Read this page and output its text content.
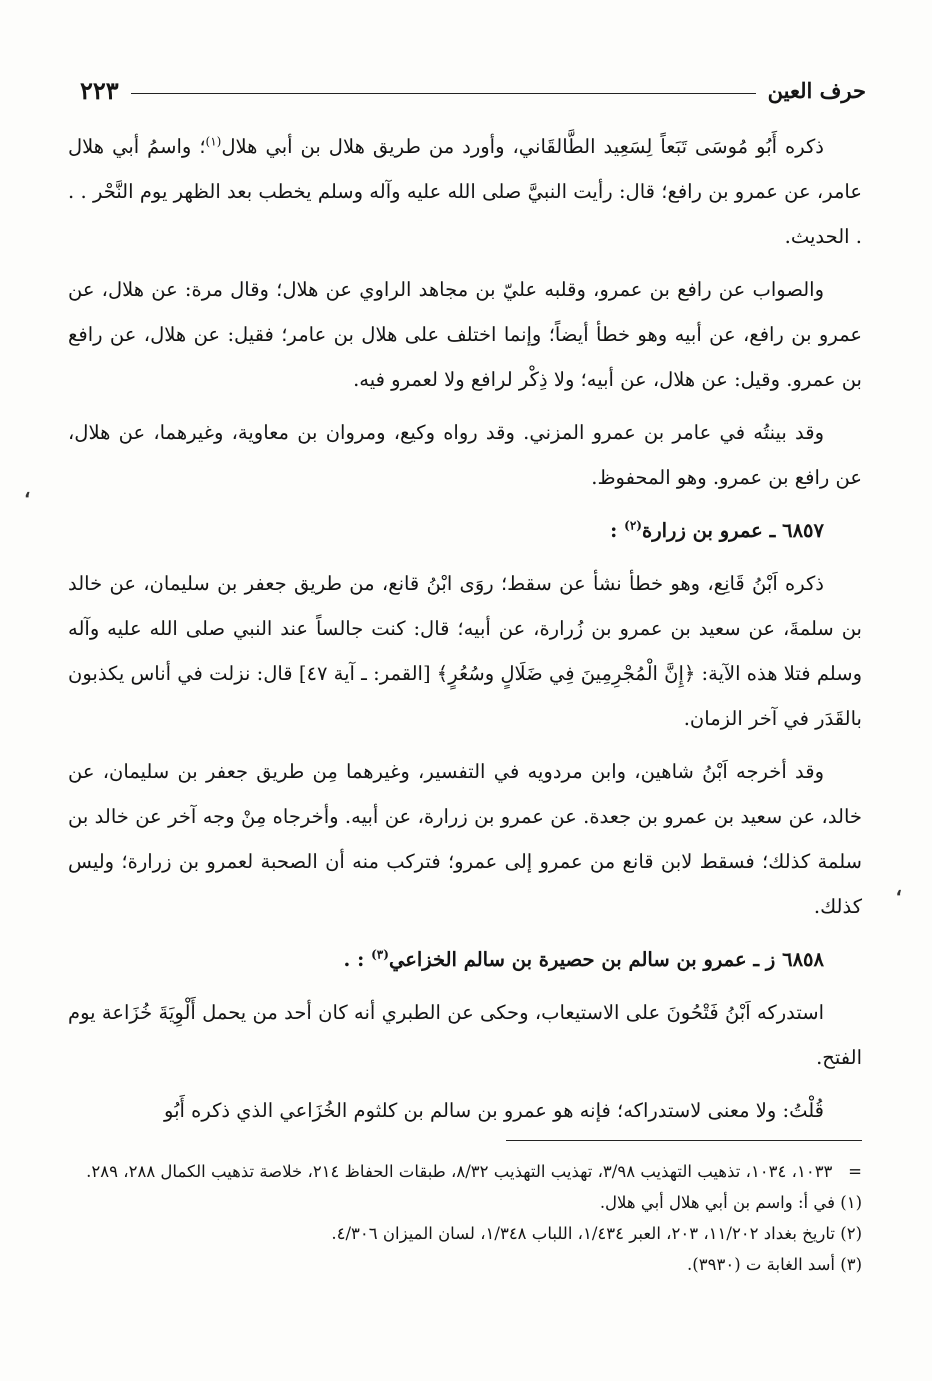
حرف العين
٢٢٣

ذكره أَبُو مُوسَى تَبَعاً لِسَعِيد الطَّالقَاني، وأورد من طريق هلال بن أبي هلال$^{(١)}$؛ واسمُ أبي هلال عامر، عن عمرو بن رافع؛ قال: رأيت النبيَّ صلى الله عليه وآله وسلم يخطب بعد الظهر يوم النَّحْر . . . الحديث.

والصواب عن رافع بن عمرو، وقلبه عليّ بن مجاهد الراوي عن هلال؛ وقال مرة: عن هلال، عن عمرو بن رافع، عن أبيه وهو خطأ أيضاً؛ وإنما اختلف على هلال بن عامر؛ فقيل: عن هلال، عن رافع بن عمرو. وقيل: عن هلال، عن أبيه؛ ولا ذِكْر لرافع ولا لعمرو فيه.

وقد بينتُه في عامر بن عمرو المزني. وقد رواه وكيع، ومروان بن معاوية، وغيرهما، عن هلال، عن رافع بن عمرو. وهو المحفوظ.

٦٨٥٧ ـ عمرو بن زرارة$^{(٢)}$ :

ذكره اَبْنُ قَانِع، وهو خطأ نشأ عن سقط؛ روَى ابْنُ قانع، من طريق جعفر بن سليمان، عن خالد بن سلمةَ، عن سعيد بن عمرو بن زُرارة، عن أبيه؛ قال: كنت جالساً عند النبي صلى الله عليه وآله وسلم فتلا هذه الآية: ﴿إِنَّ الْمُجْرِمِينَ فِي ضَلَالٍ وسُعُرٍ﴾ [القمر: ـ آية ٤٧] قال: نزلت في أناس يكذبون بالقَدَر في آخر الزمان.

وقد أخرجه اَبْنُ شاهين، وابن مردويه في التفسير، وغيرهما مِن طريق جعفر بن سليمان، عن خالد، عن سعيد بن عمرو بن جعدة. عن عمرو بن زرارة، عن أبيه. وأخرجاه مِنْ وجه آخر عن خالد بن سلمة كذلك؛ فسقط لابن قانع من عمرو إلى عمرو؛ فتركب منه أن الصحبة لعمرو بن زرارة؛ وليس كذلك.

٦٨٥٨ ز ـ عمرو بن سالم بن حصيرة بن سالم الخزاعي$^{(٣)}$ : .

استدركه اَبْنُ فَتْحُونَ على الاستيعاب، وحكى عن الطبري أنه كان أحد من يحمل أَلْوِيَةَ خُزَاعة يوم الفتح.

قُلْتُ: ولا معنى لاستدراكه؛ فإنه هو عمرو بن سالم بن كلثوم الخُزَاعي الذي ذكره أَبُو

=   ١٠٣٣، ١٠٣٤، تذهيب التهذيب ٣/٩٨، تهذيب التهذيب ٨/٣٢، طبقات الحفاظ ٢١٤، خلاصة تذهيب الكمال ٢٨٨، ٢٨٩.
(١) في أ: واسم بن أبي هلال أبي هلال.
(٢) تاريخ بغداد ١١/٢٠٢، ٢٠٣، العبر ١/٤٣٤، اللباب ١/٣٤٨، لسان الميزان ٤/٣٠٦.
(٣) أسد الغابة ت (٣٩٣٠).
،
،
